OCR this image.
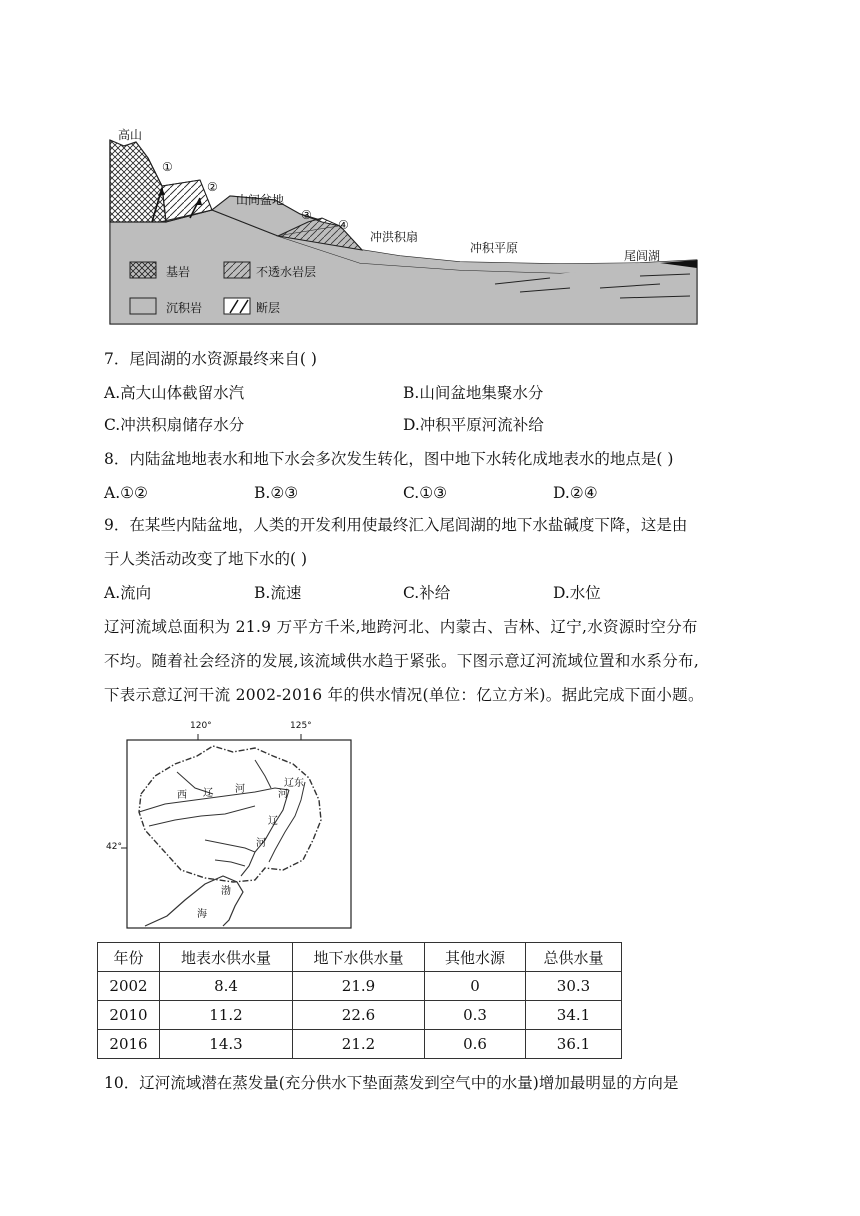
高山
①
②
山间盆地
③
④
冲洪积扇
冲积平原
尾闾湖
基岩	不透水岩层
沉积岩	断层
7．尾闾湖的水资源最终来自( )
A.高大山体截留水汽	B.山间盆地集聚水分
C.冲洪积扇储存水分	D.冲积平原河流补给
8．内陆盆地地表水和地下水会多次发生转化，图中地下水转化成地表水的地点是( )
A.①②	B.②③	C.①③	D.②④
9．在某些内陆盆地，人类的开发利用使最终汇入尾闾湖的地下水盐碱度下降，这是由
于人类活动改变了地下水的( )
A.流向	B.流速	C.补给	D.水位
辽河流域总面积为 21.9 万平方千米,地跨河北、内蒙古、吉林、辽宁,水资源时空分布
不均。随着社会经济的发展,该流域供水趋于紧张。下图示意辽河流域位置和水系分布,
下表示意辽河干流 2002-2016 年的供水情况(单位：亿立方米)。据此完成下面小题。
120°	125°
42°
西 辽 河
辽东
河
辽
河
渤
海
年份	地表水供水量	地下水供水量	其他水源	总供水量
2002	8.4	21.9	0	30.3
2010	11.2	22.6	0.3	34.1
2016	14.3	21.2	0.6	36.1
10．辽河流域潜在蒸发量(充分供水下垫面蒸发到空气中的水量)增加最明显的方向是
